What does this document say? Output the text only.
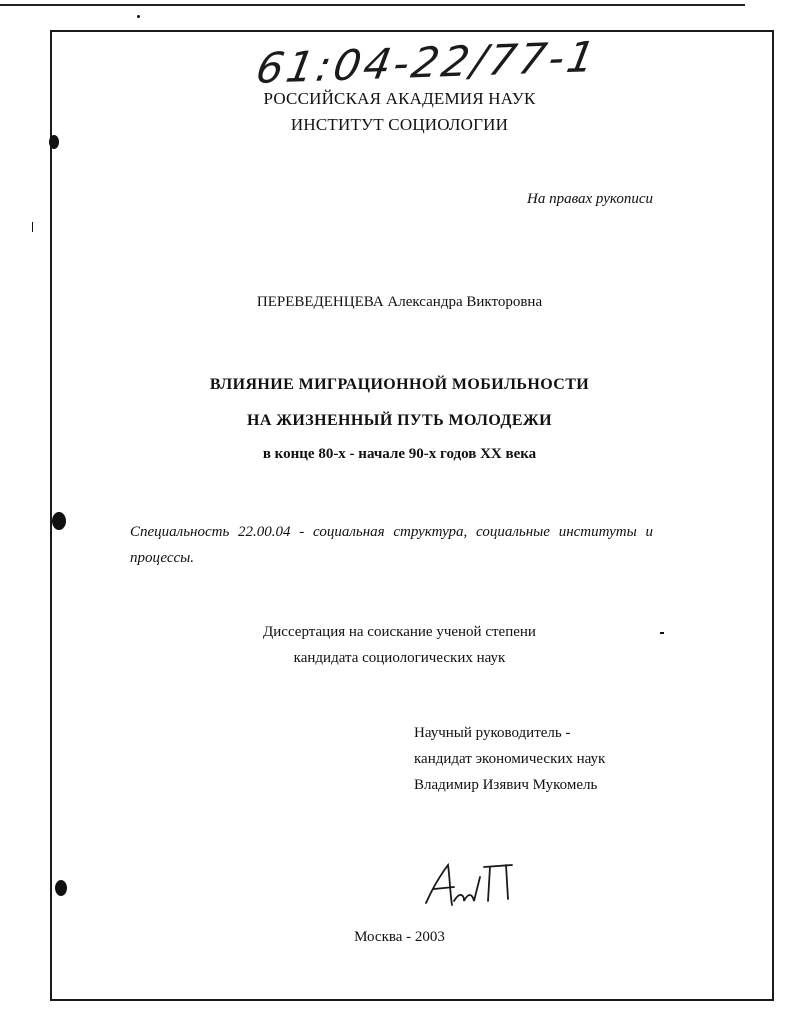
61:04-22/77-1
РОССИЙСКАЯ АКАДЕМИЯ НАУК
ИНСТИТУТ СОЦИОЛОГИИ
На правах рукописи
ПЕРЕВЕДЕНЦЕВА Александра Викторовна
ВЛИЯНИЕ МИГРАЦИОННОЙ МОБИЛЬНОСТИ
НА ЖИЗНЕННЫЙ ПУТЬ МОЛОДЕЖИ
в конце 80-х - начале 90-х годов XX века
Специальность 22.00.04 - социальная структура, социальные институты и процессы.
Диссертация на соискание ученой степени
кандидата социологических наук
Научный руководитель -
кандидат экономических наук
Владимир Изявич Мукомель
Москва - 2003
